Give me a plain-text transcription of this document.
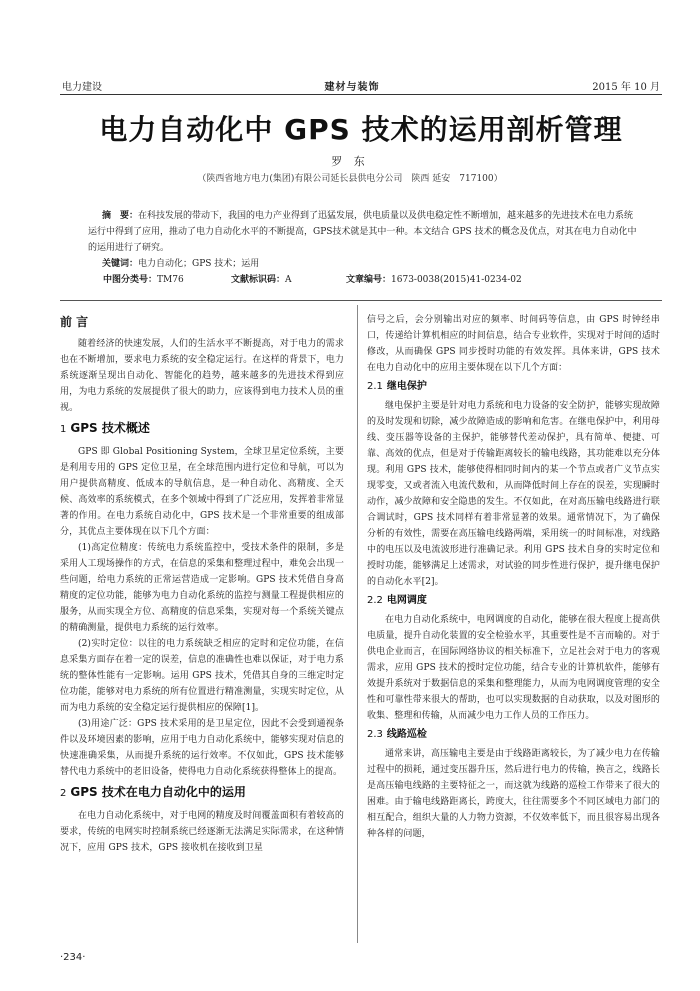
电力建设	建材与装饰	2015 年 10 月
电力自动化中 GPS 技术的运用剖析管理
罗 东
（陕西省地方电力(集团)有限公司延长县供电分公司　陕西 延安　717100）
摘　要：在科技发展的带动下，我国的电力产业得到了迅猛发展，供电质量以及供电稳定性不断增加，越来越多的先进技术在电力系统运行中得到了应用，推动了电力自动化水平的不断提高，GPS技术就是其中一种。本文结合 GPS 技术的概念及优点，对其在电力自动化中的运用进行了研究。
关键词：电力自动化；GPS 技术；运用
中图分类号：TM76	文献标识码：A	文章编号：1673-0038(2015)41-0234-02
前 言

随着经济的快速发展，人们的生活水平不断提高，对于电力的需求也在不断增加，要求电力系统的安全稳定运行。在这样的背景下，电力系统逐渐呈现出自动化、智能化的趋势，越来越多的先进技术得到应用，为电力系统的发展提供了很大的助力，应该得到电力技术人员的重视。

1 GPS 技术概述

GPS 即 Global Positioning System，全球卫星定位系统，主要是利用专用的 GPS 定位卫星，在全球范围内进行定位和导航，可以为用户提供高精度、低成本的导航信息，是一种自动化、高精度、全天候、高效率的系统模式，在多个领域中得到了广泛应用，发挥着非常显著的作用。在电力系统自动化中，GPS 技术是一个非常重要的组成部分，其优点主要体现在以下几个方面：

(1)高定位精度：传统电力系统监控中，受技术条件的限制，多是采用人工现场操作的方式，在信息的采集和整理过程中，难免会出现一些问题，给电力系统的正常运营造成一定影响。GPS 技术凭借自身高精度的定位功能，能够为电力自动化系统的监控与测量工程提供相应的服务，从而实现全方位、高精度的信息采集，实现对每一个系统关键点的精确测量，提供电力系统的运行效率。

(2)实时定位：以往的电力系统缺乏相应的定时和定位功能，在信息采集方面存在着一定的误差，信息的准确性也难以保证，对于电力系统的整体性能有一定影响。运用 GPS 技术，凭借其自身的三维定时定位功能，能够对电力系统的所有位置进行精准测量，实现实时定位，从而为电力系统的安全稳定运行提供相应的保障[1]。

(3)用途广泛：GPS 技术采用的是卫星定位，因此不会受到通视条件以及环境因素的影响，应用于电力自动化系统中，能够实现对信息的快速准确采集，从而提升系统的运行效率。不仅如此，GPS 技术能够替代电力系统中的老旧设备，使得电力自动化系统获得整体上的提高。

2 GPS 技术在电力自动化中的运用

在电力自动化系统中，对于电网的精度及时间覆盖面积有着较高的要求，传统的电网实时控制系统已经逐渐无法满足实际需求，在这种情况下，应用 GPS 技术，GPS 接收机在接收到卫星

信号之后，会分别输出对应的频率、时间码等信息，由 GPS 时钟经串口，传递给计算机相应的时间信息，结合专业软件，实现对于时间的适时修改，从而确保 GPS 同步授时功能的有效发挥。具体来讲，GPS 技术在电力自动化中的应用主要体现在以下几个方面：

2.1 继电保护

继电保护主要是针对电力系统和电力设备的安全防护，能够实现故障的及时发现和切除，减少故障造成的影响和危害。在继电保护中，利用母线、变压器等设备的主保护，能够替代差动保护，具有简单、便捷、可靠、高效的优点，但是对于传输距离较长的输电线路，其功能难以充分体现。利用 GPS 技术，能够使得相同时间内的某一个节点或者广义节点实现零变，又或者流入电流代数和，从而降低时间上存在的误差，实现瞬时动作，减少故障和安全隐患的发生。不仅如此，在对高压输电线路进行联合调试时，GPS 技术同样有着非常显著的效果。通常情况下，为了确保分析的有效性，需要在高压输电线路两端，采用统一的时间标准，对线路中的电压以及电流波形进行准确记录。利用 GPS 技术自身的实时定位和授时功能，能够满足上述需求，对试验的同步性进行保护，提升继电保护的自动化水平[2]。

2.2 电网调度

在电力自动化系统中，电网调度的自动化，能够在很大程度上提高供电质量，提升自动化装置的安全检验水平，其重要性是不言而喻的。对于供电企业而言，在国际网络协议的相关标准下，立足社会对于电力的客观需求，应用 GPS 技术的授时定位功能，结合专业的计算机软件，能够有效提升系统对于数据信息的采集和整理能力，从而为电网调度管理的安全性和可靠性带来很大的帮助，也可以实现数据的自动获取，以及对图形的收集、整理和传输，从而减少电力工作人员的工作压力。

2.3 线路巡检

通常来讲，高压输电主要是由于线路距离较长，为了减少电力在传输过程中的损耗，通过变压器升压，然后进行电力的传输，换言之，线路长是高压输电线路的主要特征之一，而这就为线路的巡检工作带来了很大的困难。由于输电线路距离长，跨度大，往往需要多个不同区域电力部门的相互配合，组织大量的人力物力资源，不仅效率低下，而且很容易出现各种各样的问题，

·234·
